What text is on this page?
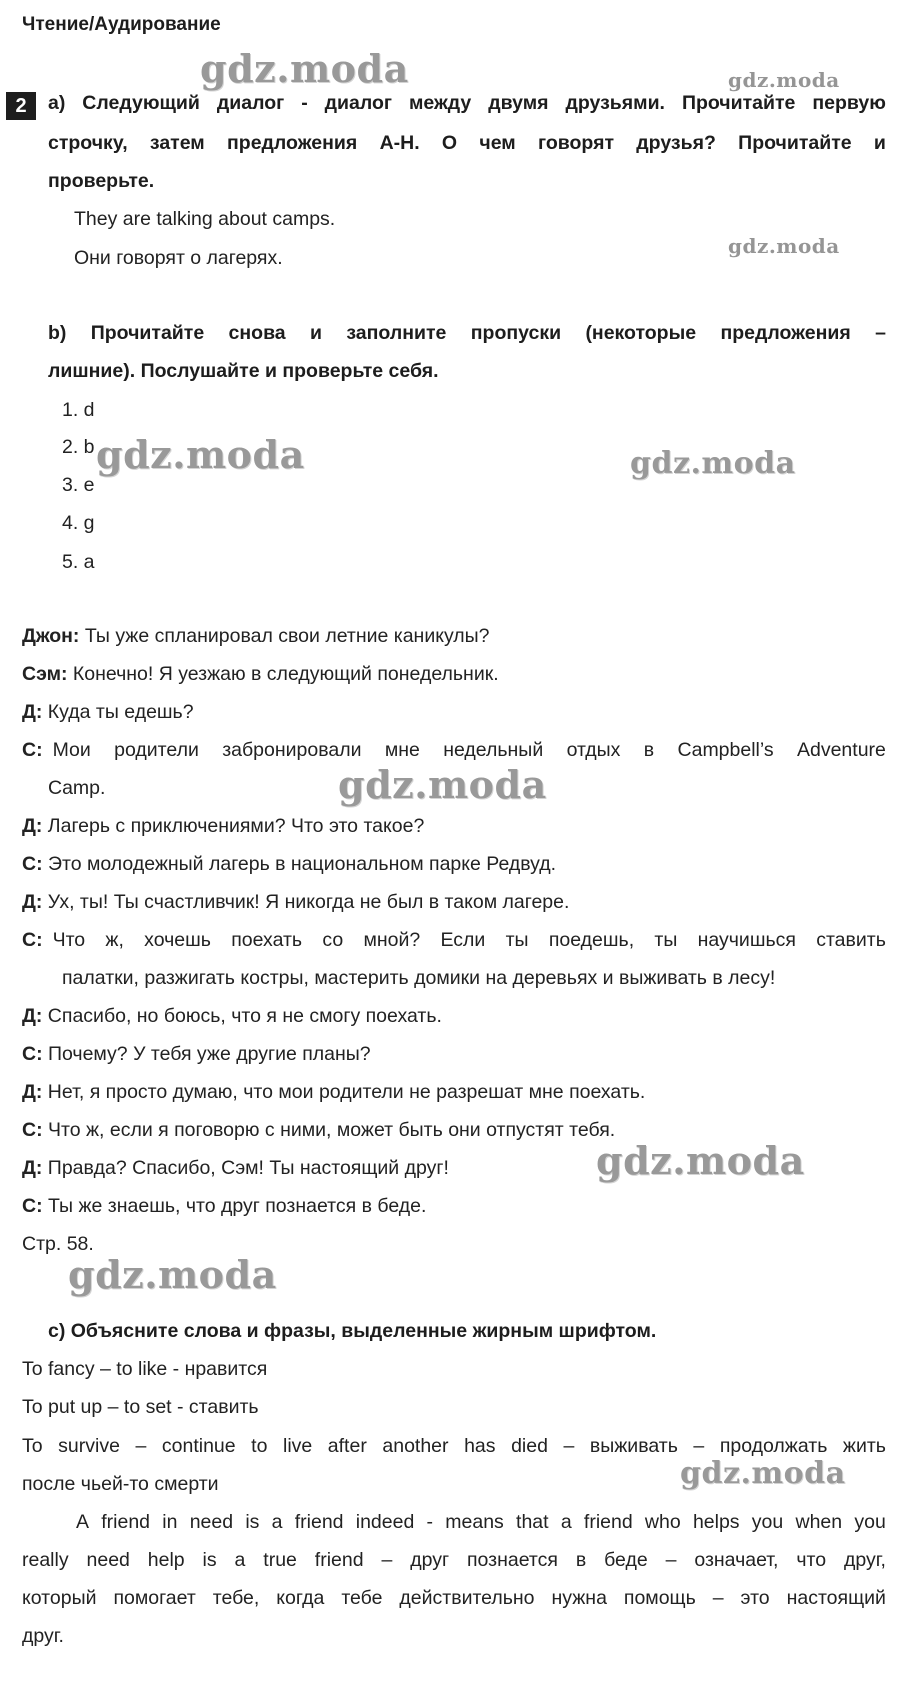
Чтение/Аудирование
2	a) Следующий диалог - диалог между двумя друзьями. Прочитайте первую
строчку, затем предложения А-Н. О чем говорят друзья? Прочитайте и
проверьте.
They are talking about camps.
Они говорят о лагерях.
b) Прочитайте снова и заполните пропуски (некоторые предложения –
лишние). Послушайте и проверьте себя.
1. d
2. b
3. e
4. g
5. a
Джон: Ты уже спланировал свои летние каникулы?
Сэм: Конечно! Я уезжаю в следующий понедельник.
Д: Куда ты едешь?
С: Мои родители забронировали мне недельный отдых в Campbell’s Adventure
Camp.
Д: Лагерь с приключениями? Что это такое?
С: Это молодежный лагерь в национальном парке Редвуд.
Д: Ух, ты! Ты счастливчик! Я никогда не был в таком лагере.
С: Что ж, хочешь поехать со мной? Если ты поедешь, ты научишься ставить
палатки, разжигать костры, мастерить домики на деревьях и выживать в лесу!
Д: Спасибо, но боюсь, что я не смогу поехать.
С: Почему? У тебя уже другие планы?
Д: Нет, я просто думаю, что мои родители не разрешат мне поехать.
С: Что ж, если я поговорю с ними, может быть они отпустят тебя.
Д: Правда? Спасибо, Сэм! Ты настоящий друг!
С: Ты же знаешь, что друг познается в беде.
Стр. 58.
c) Объясните слова и фразы, выделенные жирным шрифтом.
To fancy – to like - нравится
To put up – to set - ставить
To survive – continue to live after another has died – выживать – продолжать жить
после чьей-то смерти
A friend in need is a friend indeed - means that a friend who helps you when you
really need help is a true friend – друг познается в беде – означает, что друг,
который помогает тебе, когда тебе действительно нужна помощь – это настоящий
друг.
gdz.moda	gdz.moda
gdz.moda
gdz.moda	gdz.moda
gdz.moda
gdz.moda
gdz.moda
gdz.moda
